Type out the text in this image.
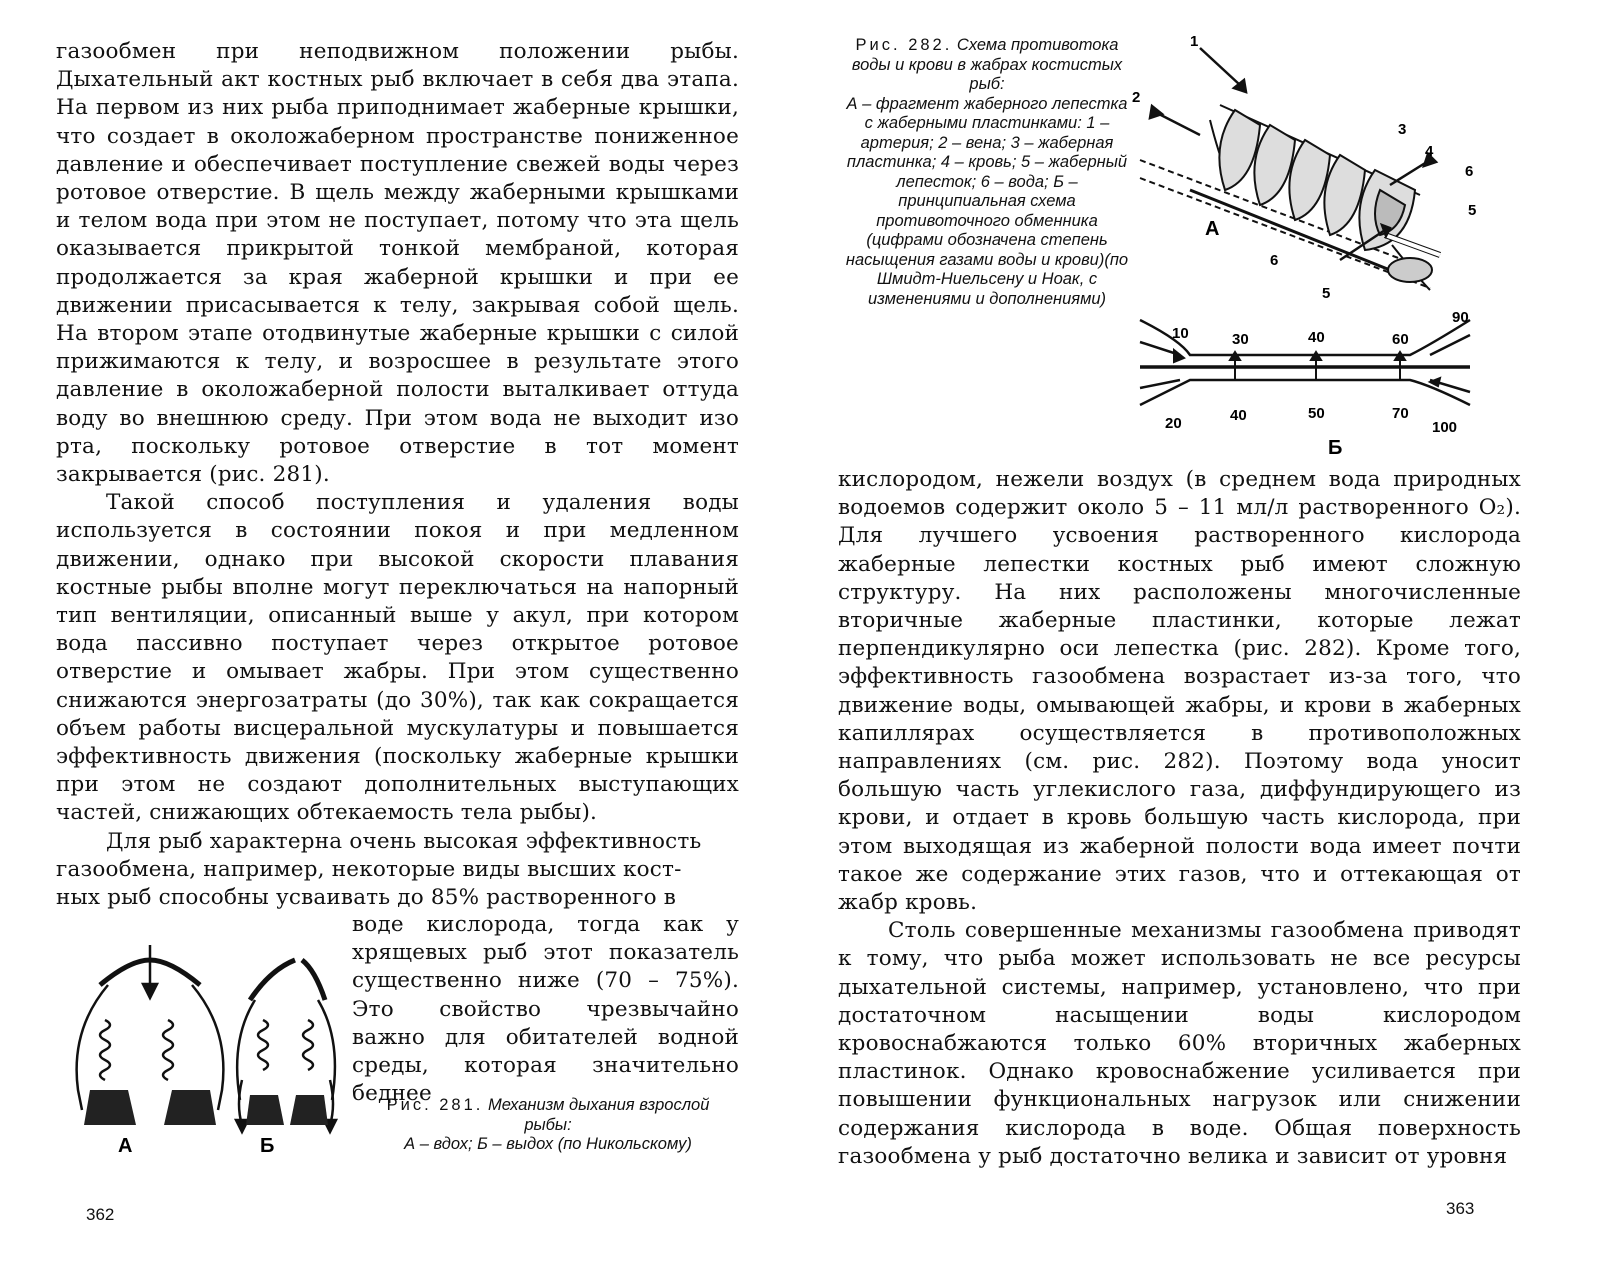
газообмен при неподвижном положении рыбы. Дыхательный акт костных рыб включает в себя два этапа. На первом из них рыба приподнимает жаберные крышки, что создает в околожаберном пространстве пониженное давление и обеспечивает поступление свежей воды через ротовое отверстие. В щель между жаберными крышками и телом вода при этом не поступает, потому что эта щель оказывается прикрытой тонкой мембраной, которая продолжается за края жаберной крышки и при ее движении присасывается к телу, закрывая собой щель. На втором этапе отодвинутые жаберные крышки с силой прижимаются к телу, и возросшее в результате этого давление в околожаберной полости выталкивает оттуда воду во внешнюю среду. При этом вода не выходит изо рта, поскольку ротовое отверстие в тот момент закрывается (рис. 281).

Такой способ поступления и удаления воды используется в состоянии покоя и при медленном движении, однако при высокой скорости плавания костные рыбы вполне могут переключаться на напорный тип вентиляции, описанный выше у акул, при котором вода пассивно поступает через открытое ротовое отверстие и омывает жабры. При этом существенно снижаются энергозатраты (до 30%), так как сокращается объем работы висцеральной мускулатуры и повышается эффективность движения (поскольку жаберные крышки при этом не создают дополнительных выступающих частей, снижающих обтекаемость тела рыбы).

Для рыб характерна очень высокая эффективность

газообмена, например, некоторые виды высших кост-

ных рыб способны усваивать до 85% растворенного в

воде кислорода, тогда как у хрящевых рыб этот показатель существенно ниже (70 – 75%). Это свойство чрезвычайно важно для обитателей водной среды, которая значительно беднее

А	Б
Рис. 281. Механизм дыхания взрослой рыбы:
А – вдох; Б – выдох (по Никольскому)
362
Рис. 282. Схема противотока воды и крови в жабрах костистых рыб:
А – фрагмент жаберного лепестка с жаберными пластинками: 1 – артерия; 2 – вена; 3 – жаберная пластинка; 4 – кровь; 5 – жаберный лепесток; 6 – вода; Б – принципиальная схема противоточного обменника (цифрами обозначена степень насыщения газами воды и крови)(по Шмидт-Ниельсену и Ноак, с изменениями и дополнениями)
1
2
3
4
6
5
6
5
А
10	30	40	60
90
20	40	50	70
100
Б

кислородом, нежели воздух (в среднем вода природных водоемов содержит около 5 – 11 мл/л растворенного O₂). Для лучшего усвоения растворенного кислорода жаберные лепестки костных рыб имеют сложную структуру. На них расположены многочисленные вторичные жаберные пластинки, которые лежат перпендикулярно оси лепестка (рис. 282). Кроме того, эффективность газообмена возрастает из-за того, что движение воды, омывающей жабры, и крови в жаберных капиллярах осуществляется в противоположных направлениях (см. рис. 282). Поэтому вода уносит большую часть углекислого газа, диффундирующего из крови, и отдает в кровь большую часть кислорода, при этом выходящая из жаберной полости вода имеет почти такое же содержание этих газов, что и оттекающая от жабр кровь.

Столь совершенные механизмы газообмена приводят к тому, что рыба может использовать не все ресурсы дыхательной системы, например, установлено, что при достаточном насыщении воды кислородом кровоснабжаются только 60% вторичных жаберных пластинок. Однако кровоснабжение усиливается при повышении функциональных нагрузок или снижении содержания кислорода в воде. Общая поверхность газообмена у рыб достаточно велика и зависит от уровня

363
